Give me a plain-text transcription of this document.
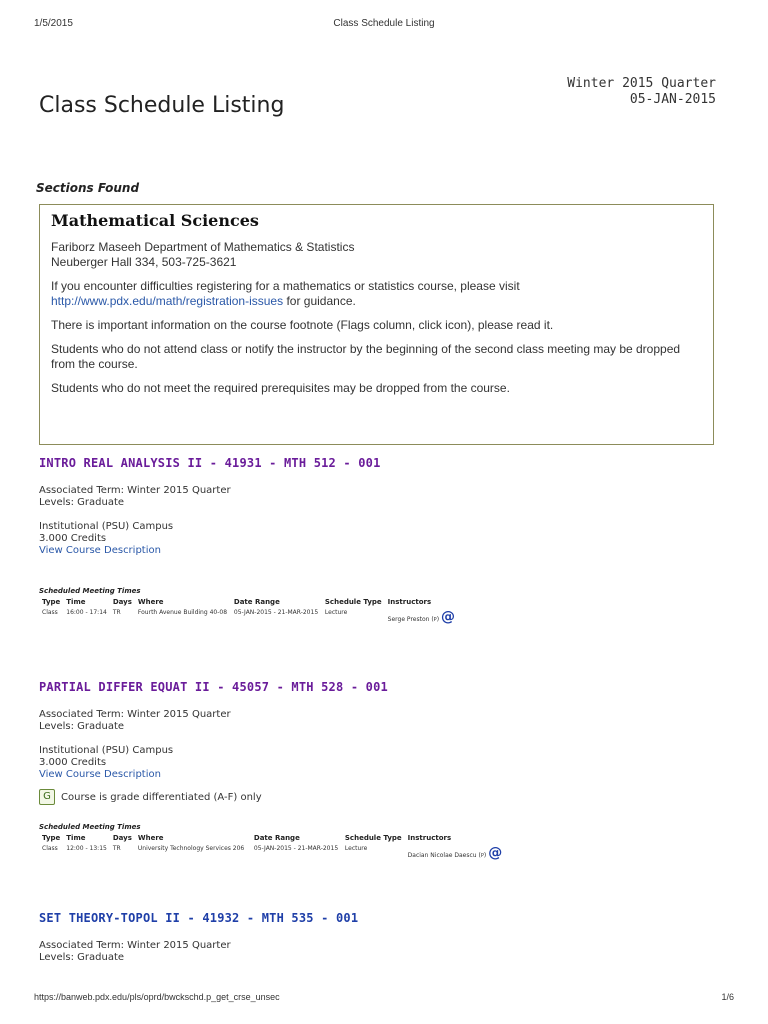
1/5/2015	Class Schedule Listing
Class Schedule Listing
Winter 2015 Quarter
05-JAN-2015
Sections Found
Mathematical Sciences

Fariborz Maseeh Department of Mathematics & Statistics
Neuberger Hall 334, 503-725-3621

If you encounter difficulties registering for a mathematics or statistics course, please visit
http://www.pdx.edu/math/registration-issues for guidance.

There is important information on the course footnote (Flags column, click icon), please read it.

Students who do not attend class or notify the instructor by the beginning of the second class meeting may be dropped from the course.

Students who do not meet the required prerequisites may be dropped from the course.

INTRO REAL ANALYSIS II - 41931 - MTH 512 - 001
Associated Term: Winter 2015 Quarter
Levels: Graduate
Institutional (PSU) Campus
3.000 Credits
View Course Description
Scheduled Meeting Times
Type	Time	Days	Where	Date Range	Schedule Type	Instructors
Class	16:00 - 17:14	TR	Fourth Avenue Building 40-08	05-JAN-2015 - 21-MAR-2015	Lecture	Serge Preston (P) @
PARTIAL DIFFER EQUAT II - 45057 - MTH 528 - 001
Associated Term: Winter 2015 Quarter
Levels: Graduate
Institutional (PSU) Campus
3.000 Credits
View Course Description
G	Course is grade differentiated (A-F) only
Scheduled Meeting Times
Type	Time	Days	Where	Date Range	Schedule Type	Instructors
Class	12:00 - 13:15	TR	University Technology Services 206	05-JAN-2015 - 21-MAR-2015	Lecture	Dacian Nicolae Daescu (P) @
SET THEORY-TOPOL II - 41932 - MTH 535 - 001
Associated Term: Winter 2015 Quarter
Levels: Graduate
https://banweb.pdx.edu/pls/oprd/bwckschd.p_get_crse_unsec	1/6
